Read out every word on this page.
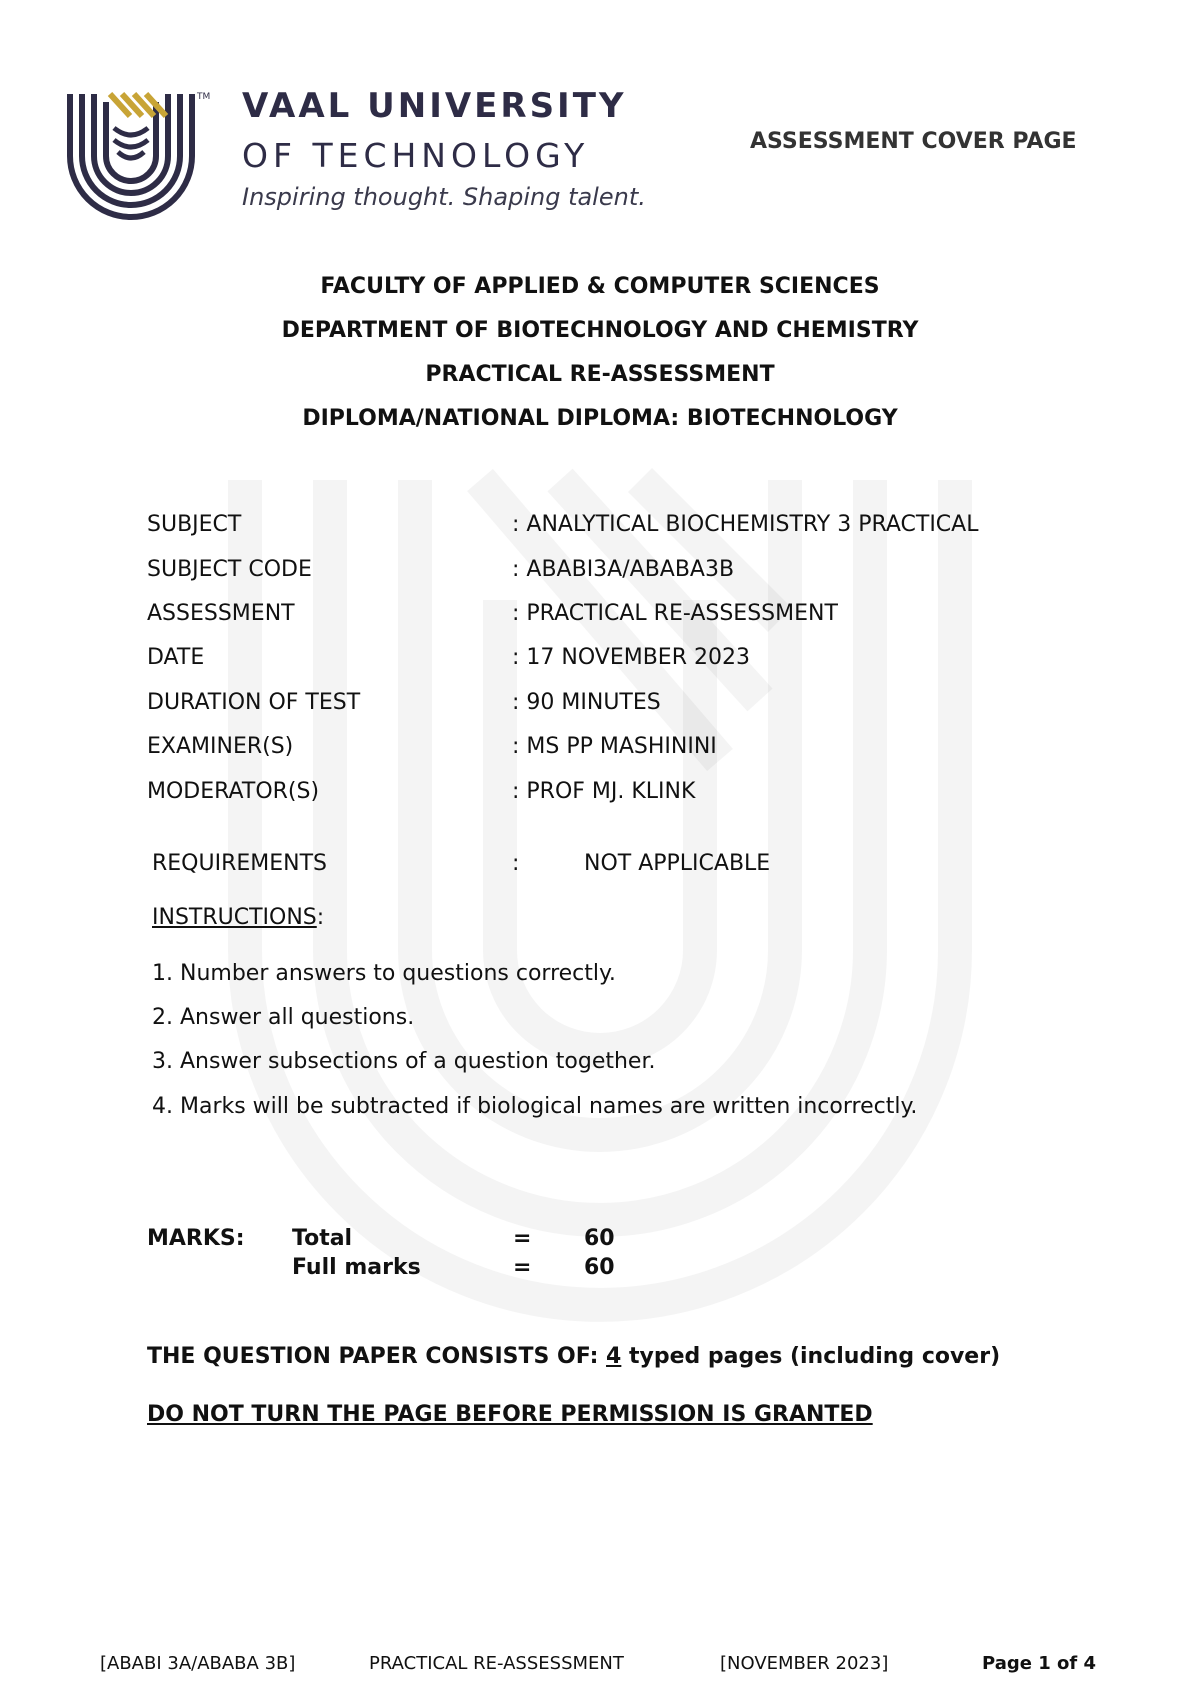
TM VAAL UNIVERSITY
OF TECHNOLOGY
Inspiring thought. Shaping talent.
ASSESSMENT COVER PAGE
FACULTY OF APPLIED & COMPUTER SCIENCES
DEPARTMENT OF BIOTECHNOLOGY AND CHEMISTRY
PRACTICAL RE-ASSESSMENT
DIPLOMA/NATIONAL DIPLOMA: BIOTECHNOLOGY
SUBJECT	: ANALYTICAL BIOCHEMISTRY 3 PRACTICAL
SUBJECT CODE	: ABABI3A/ABABA3B
ASSESSMENT	: PRACTICAL RE-ASSESSMENT
DATE	: 17 NOVEMBER 2023
DURATION OF TEST	: 90 MINUTES
EXAMINER(S)	: MS PP MASHININI
MODERATOR(S)	: PROF MJ. KLINK
REQUIREMENTS	:	NOT APPLICABLE
INSTRUCTIONS:
1. Number answers to questions correctly.
2. Answer all questions.
3. Answer subsections of a question together.
4. Marks will be subtracted if biological names are written incorrectly.
MARKS: Total	= 60
Full marks	= 60
THE QUESTION PAPER CONSISTS OF: 4 typed pages (including cover)
DO NOT TURN THE PAGE BEFORE PERMISSION IS GRANTED
[ABABI 3A/ABABA 3B]	PRACTICAL RE-ASSESSMENT	[NOVEMBER 2023]	Page 1 of 4
